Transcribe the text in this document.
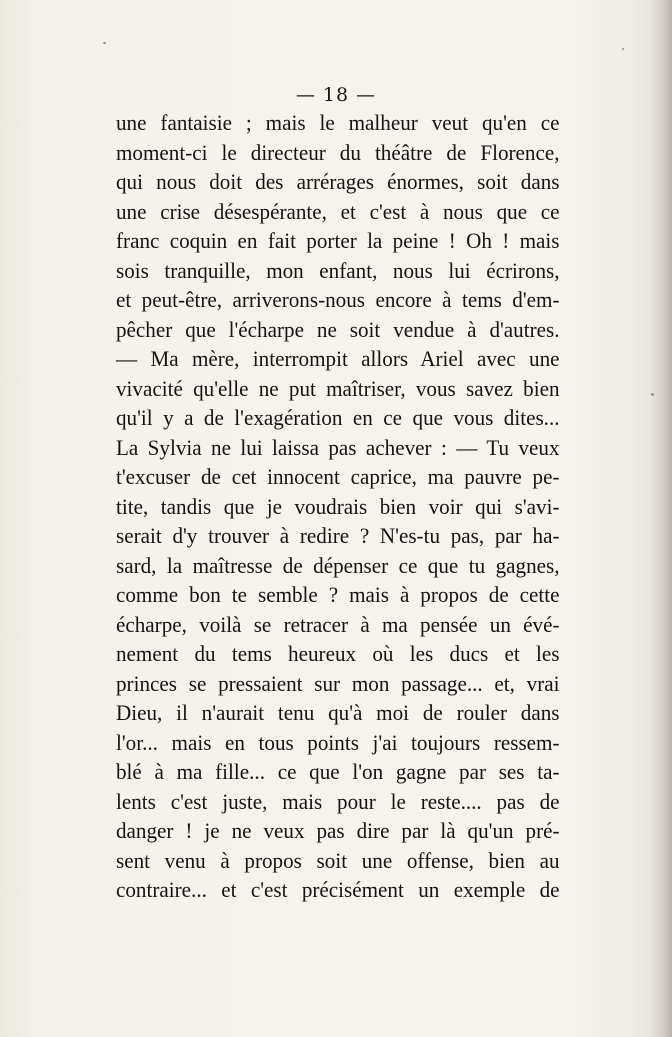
— 18 —
une fantaisie ; mais le malheur veut qu'en ce
moment-ci le directeur du théâtre de Florence,
qui nous doit des arrérages énormes, soit dans
une crise désespérante, et c'est à nous que ce
franc coquin en fait porter la peine ! Oh ! mais
sois tranquille, mon enfant, nous lui écrirons,
et peut-être, arriverons-nous encore à tems d'em-
pêcher que l'écharpe ne soit vendue à d'autres.
— Ma mère, interrompit allors Ariel avec une
vivacité qu'elle ne put maîtriser, vous savez bien
qu'il y a de l'exagération en ce que vous dites...
La Sylvia ne lui laissa pas achever : — Tu veux
t'excuser de cet innocent caprice, ma pauvre pe-
tite, tandis que je voudrais bien voir qui s'avi-
serait d'y trouver à redire ? N'es-tu pas, par ha-
sard, la maîtresse de dépenser ce que tu gagnes,
comme bon te semble ? mais à propos de cette
écharpe, voilà se retracer à ma pensée un évé-
nement du tems heureux où les ducs et les
princes se pressaient sur mon passage... et, vrai
Dieu, il n'aurait tenu qu'à moi de rouler dans
l'or... mais en tous points j'ai toujours ressem-
blé à ma fille... ce que l'on gagne par ses ta-
lents c'est juste, mais pour le reste.... pas de
danger ! je ne veux pas dire par là qu'un pré-
sent venu à propos soit une offense, bien au
contraire... et c'est précisément un exemple de
